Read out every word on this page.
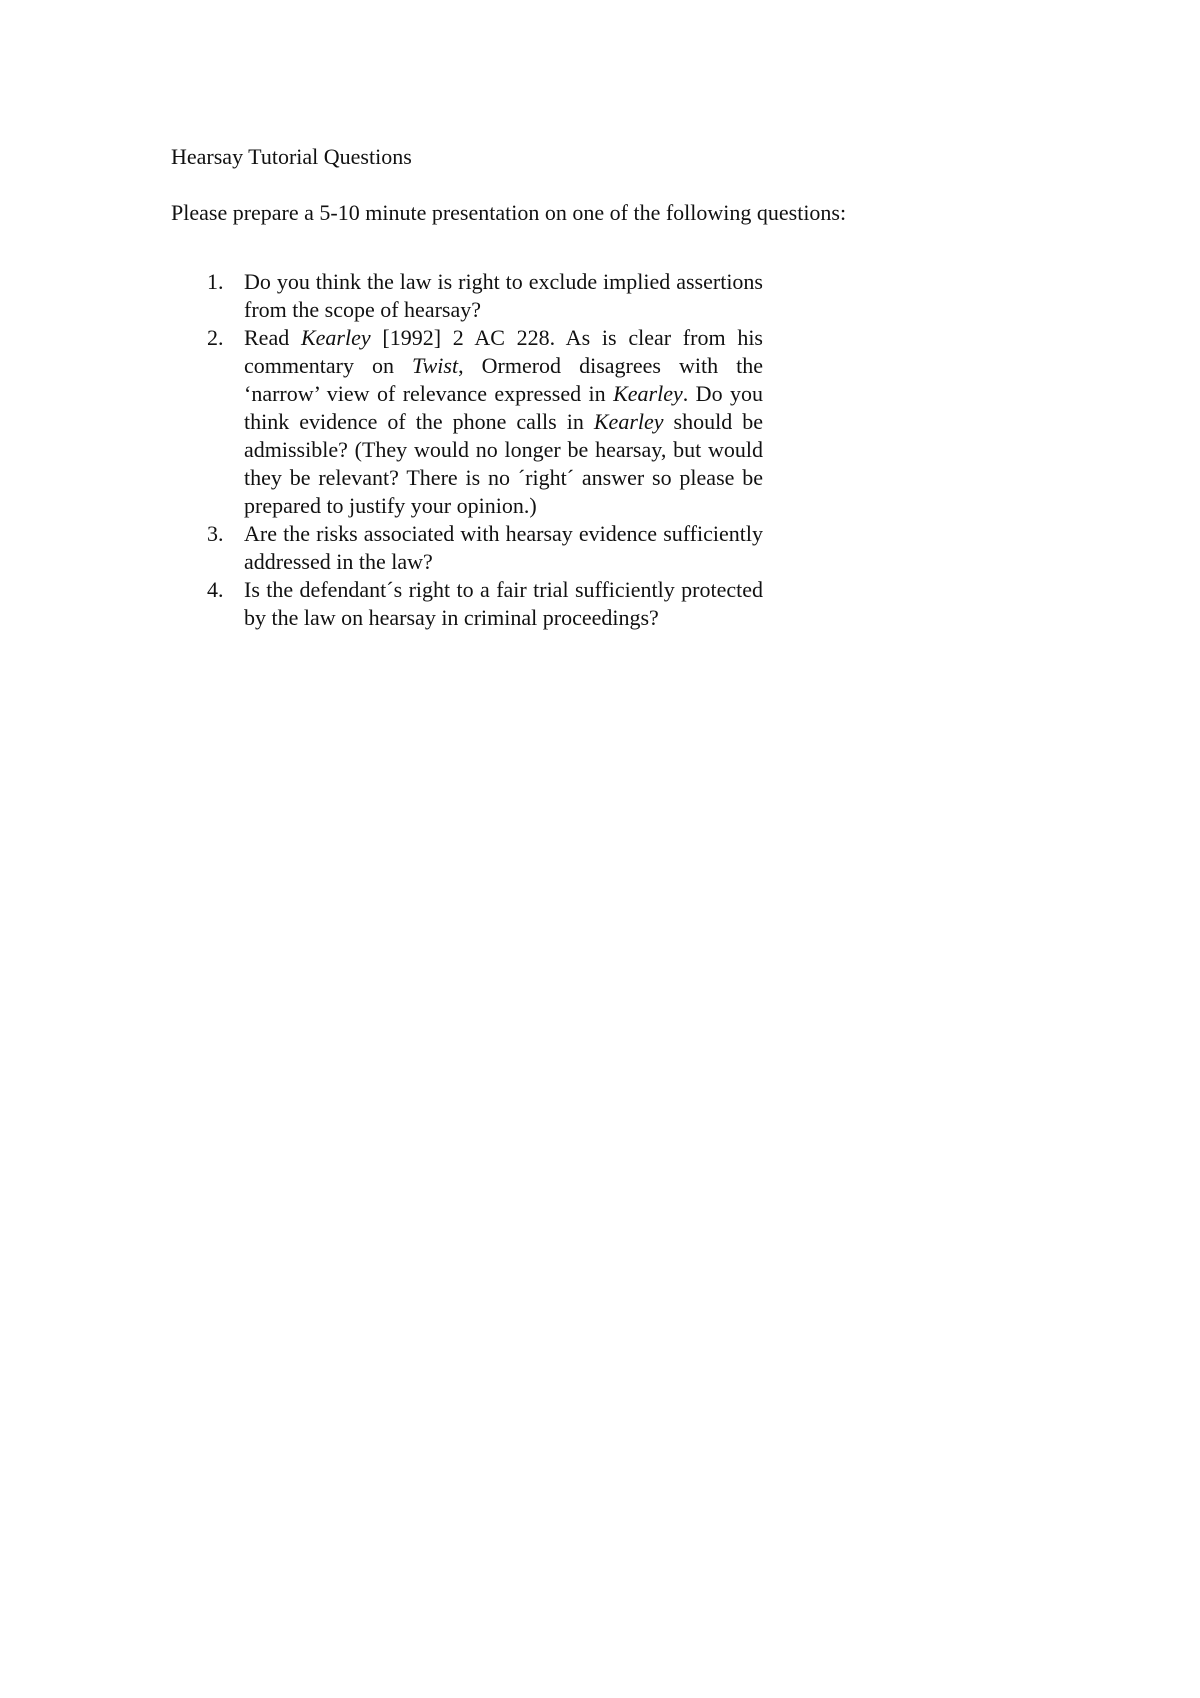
Hearsay Tutorial Questions

Please prepare a 5-10 minute presentation on one of the following questions:

1. Do you think the law is right to exclude implied assertions from the scope of hearsay?
2. Read Kearley [1992] 2 AC 228. As is clear from his commentary on Twist, Ormerod disagrees with the ‘narrow’ view of relevance expressed in Kearley. Do you think evidence of the phone calls in Kearley should be admissible? (They would no longer be hearsay, but would they be relevant? There is no ´right´ answer so please be prepared to justify your opinion.)
3. Are the risks associated with hearsay evidence sufficiently addressed in the law?
4. Is the defendant´s right to a fair trial sufficiently protected by the law on hearsay in criminal proceedings?
